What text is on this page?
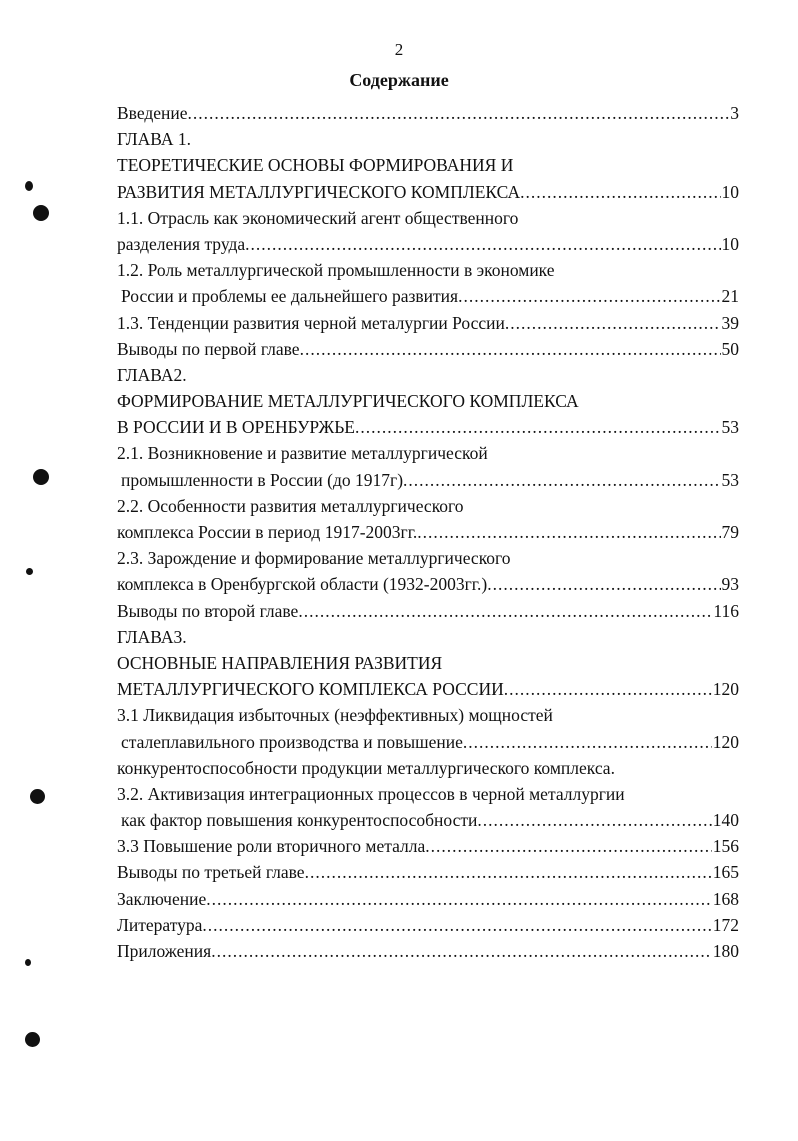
2
Содержание
Введение .....	3
ГЛАВА 1.
ТЕОРЕТИЧЕСКИЕ ОСНОВЫ ФОРМИРОВАНИЯ И
РАЗВИТИЯ МЕТАЛЛУРГИЧЕСКОГО КОМПЛЕКСА .....	10
1.1. Отрасль как экономический агент общественного
разделения труда .....	10
1.2. Роль металлургической промышленности в экономике
России и проблемы ее дальнейшего развития .....	21
1.3. Тенденции развития черной металургии России .....	39
Выводы по первой главе .....	50
ГЛАВА2.
ФОРМИРОВАНИЕ МЕТАЛЛУРГИЧЕСКОГО КОМПЛЕКСА
В РОССИИ И В ОРЕНБУРЖЬЕ .....	53
2.1. Возникновение и развитие металлургической
промышленности в России (до 1917г) .....	53
2.2. Особенности развития металлургического
комплекса России в период 1917-2003гг. .....	79
2.3. Зарождение и формирование металлургического
комплекса в Оренбургской области (1932-2003гг.) .....	93
Выводы по второй главе .....	116
ГЛАВА3.
ОСНОВНЫЕ НАПРАВЛЕНИЯ РАЗВИТИЯ
МЕТАЛЛУРГИЧЕСКОГО КОМПЛЕКСА РОССИИ .....	120
3.1 Ликвидация избыточных (неэффективных) мощностей
сталеплавильного производства и повышение .....	120
конкурентоспособности продукции металлургического комплекса.
3.2. Активизация интеграционных процессов в черной металлургии
как фактор повышения конкурентоспособности .....	140
3.3 Повышение роли вторичного металла .....	156
Выводы по третьей главе .....	165
Заключение .....	168
Литература .....	172
Приложения .....	180
